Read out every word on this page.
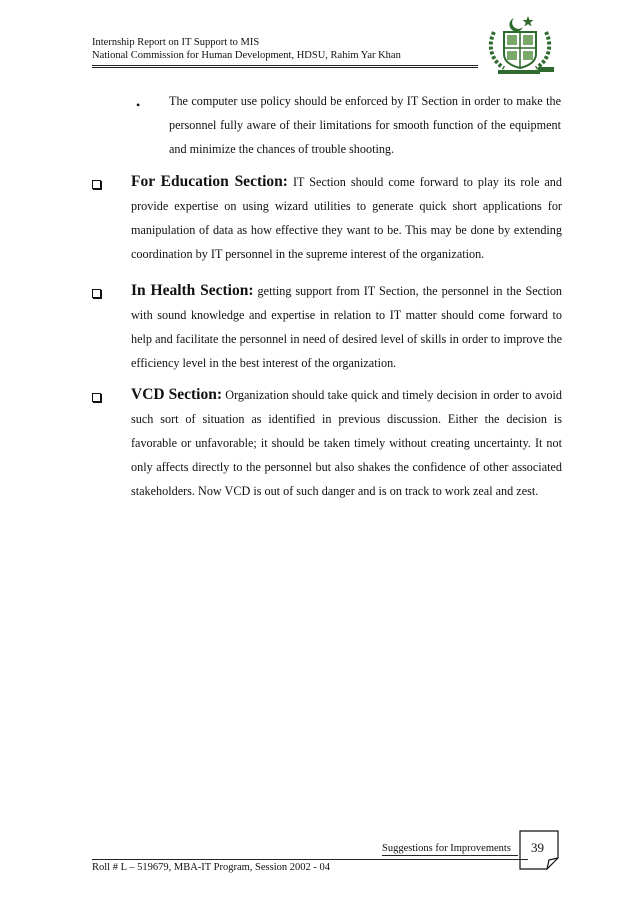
Internship Report on IT Support to MIS
National Commission for Human Development, HDSU, Rahim Yar Khan
• The computer use policy should be enforced by IT Section in order to make the personnel fully aware of their limitations for smooth function of the equipment and minimize the chances of trouble shooting.
For Education Section: IT Section should come forward to play its role and provide expertise on using wizard utilities to generate quick short applications for manipulation of data as how effective they want to be. This may be done by extending coordination by IT personnel in the supreme interest of the organization.
In Health Section: getting support from IT Section, the personnel in the Section with sound knowledge and expertise in relation to IT matter should come forward to help and facilitate the personnel in need of desired level of skills in order to improve the efficiency level in the best interest of the organization.
VCD Section: Organization should take quick and timely decision in order to avoid such sort of situation as identified in previous discussion. Either the decision is favorable or unfavorable; it should be taken timely without creating uncertainty. It not only affects directly to the personnel but also shakes the confidence of other associated stakeholders. Now VCD is out of such danger and is on track to work zeal and zest.
Suggestions for Improvements 39
Roll # L – 519679, MBA-IT Program, Session 2002 - 04
